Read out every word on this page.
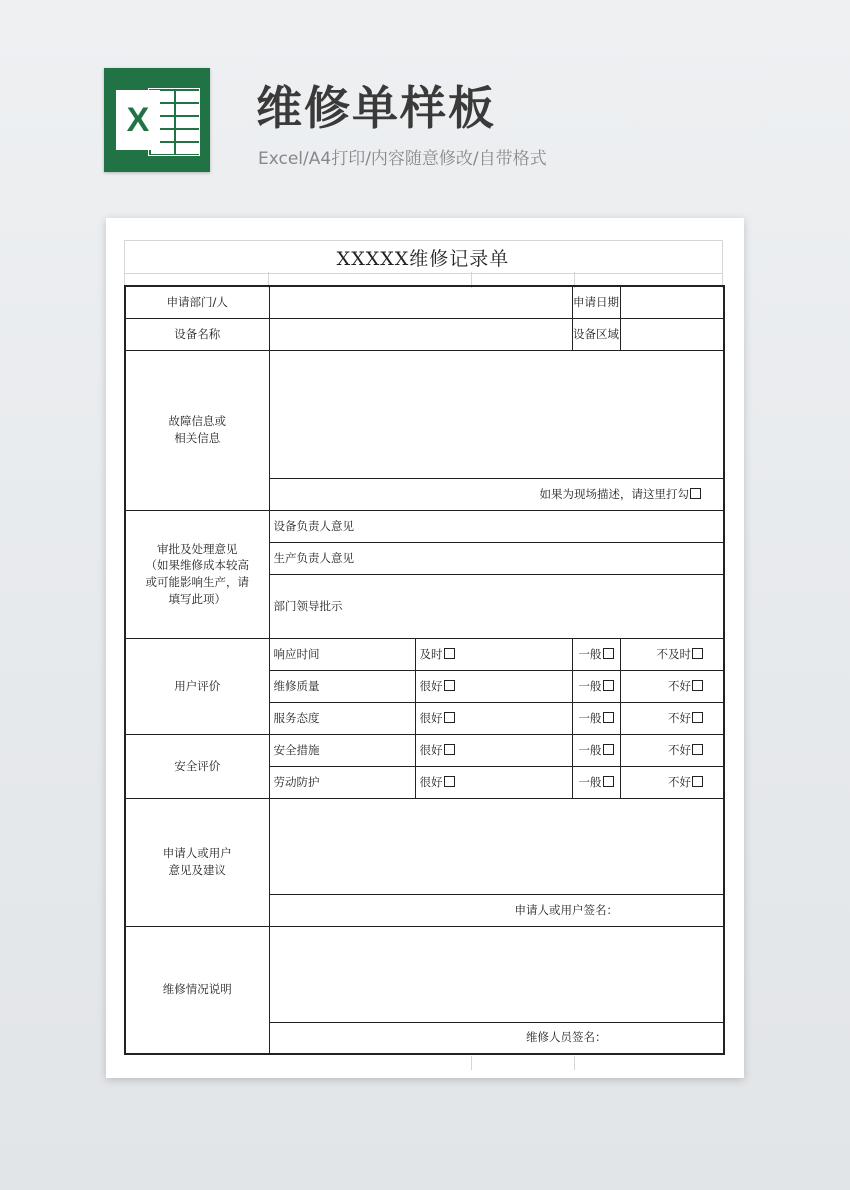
X 维修单样板
Excel/A4打印/内容随意修改/自带格式
XXXXX维修记录单
申请部门/人			申请日期	
设备名称			设备区域	

故障信息或
相关信息				

	如果为现场描述，请这里打勾			

审批及处理意见
（如果维修成本较高
或可能影响生产，请
填写此项）	设备负责人意见			
	生产负责人意见			
	部门领导批示			
用户评价	响应时间	及时	一般	不及时
	维修质量	很好	一般	不好
	服务态度	很好	一般	不好
安全评价	安全措施	很好	一般	不好
	劳动防护	很好	一般	不好

申请人或用户
意见及建议				

	申请人或用户签名：			
维修情况说明				
	维修人员签名：			
